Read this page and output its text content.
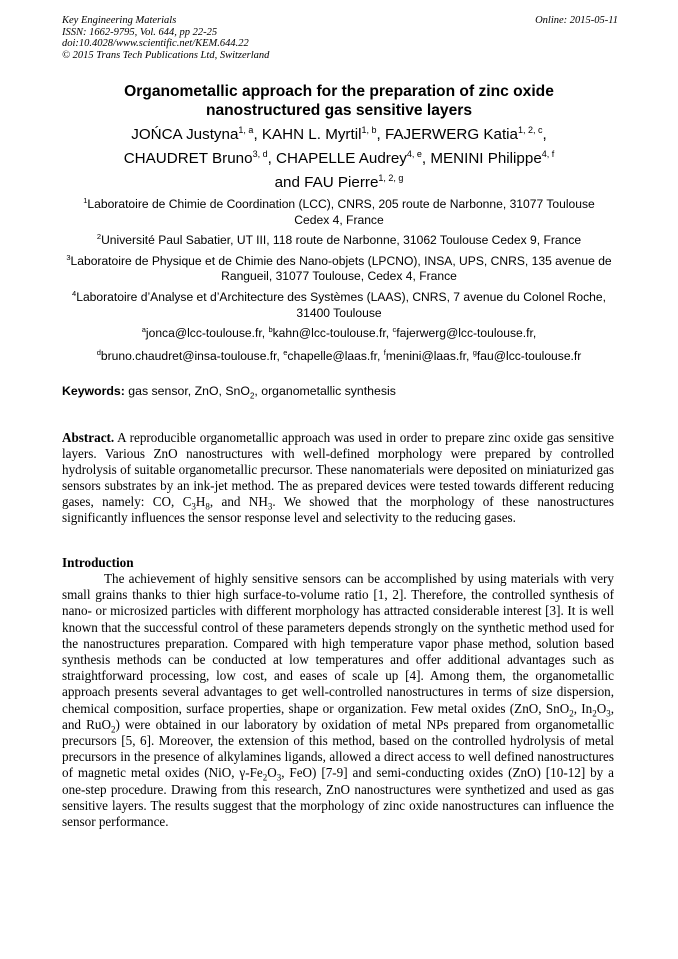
Key Engineering Materials
ISSN: 1662-9795, Vol. 644, pp 22-25
doi:10.4028/www.scientific.net/KEM.644.22
© 2015 Trans Tech Publications Ltd, Switzerland
Online: 2015-05-11
Organometallic approach for the preparation of zinc oxide
nanostructured gas sensitive layers
JOŃCA Justyna$^{1, a}$, KAHN L. Myrtil$^{1, b}$, FAJERWERG Katia$^{1, 2, c}$,
CHAUDRET Bruno$^{3, d}$, CHAPELLE Audrey$^{4, e}$, MENINI Philippe$^{4, f}$
and FAU Pierre$^{1, 2, g}$
$^1$Laboratoire de Chimie de Coordination (LCC), CNRS, 205 route de Narbonne, 31077 Toulouse Cedex 4, France
$^2$Université Paul Sabatier, UT III, 118 route de Narbonne, 31062 Toulouse Cedex 9, France
$^3$Laboratoire de Physique et de Chimie des Nano-objets (LPCNO), INSA, UPS, CNRS, 135 avenue de Rangueil, 31077 Toulouse, Cedex 4, France
$^4$Laboratoire d’Analyse et d’Architecture des Systèmes (LAAS), CNRS, 7 avenue du Colonel Roche, 31400 Toulouse
$^a$jonca@lcc-toulouse.fr, $^b$kahn@lcc-toulouse.fr, $^c$fajerwerg@lcc-toulouse.fr,
$^d$bruno.chaudret@insa-toulouse.fr, $^e$chapelle@laas.fr, $^f$menini@laas.fr, $^g$fau@lcc-toulouse.fr
Keywords: gas sensor, ZnO, SnO$_2$, organometallic synthesis
Abstract. A reproducible organometallic approach was used in order to prepare zinc oxide gas sensitive layers. Various ZnO nanostructures with well-defined morphology were prepared by controlled hydrolysis of suitable organometallic precursor. These nanomaterials were deposited on miniaturized gas sensors substrates by an ink-jet method. The as prepared devices were tested towards different reducing gases, namely: CO, $C_3H_8$, and $NH_3$. We showed that the morphology of these nanostructures significantly influences the sensor response level and selectivity to the reducing gases.
Introduction
The achievement of highly sensitive sensors can be accomplished by using materials with very small grains thanks to thier high surface-to-volume ratio [1, 2]. Therefore, the controlled synthesis of nano- or microsized particles with different morphology has attracted considerable interest [3]. It is well known that the successful control of these parameters depends strongly on the synthetic method used for the nanostructures preparation. Compared with high temperature vapor phase method, solution based synthesis methods can be conducted at low temperatures and offer additional advantages such as straightforward processing, low cost, and eases of scale up [4]. Among them, the organometallic approach presents several advantages to get well-controlled nanostructures in terms of size dispersion, chemical composition, surface properties, shape or organization. Few metal oxides (ZnO, SnO$_2$, $In_2O_3$, and RuO$_2$) were obtained in our laboratory by oxidation of metal NPs prepared from organometallic precursors [5, 6]. Moreover, the extension of this method, based on the controlled hydrolysis of metal precursors in the presence of alkylamines ligands, allowed a direct access to well defined nanostructures of magnetic metal oxides (NiO, $\gamma-Fe_2O_3$, FeO) [7-9] and semi-conducting oxides (ZnO) [10-12] by a one-step procedure. Drawing from this research, ZnO nanostructures were synthetized and used as gas sensitive layers. The results suggest that the morphology of zinc oxide nanostructures can influence the sensor performance.
